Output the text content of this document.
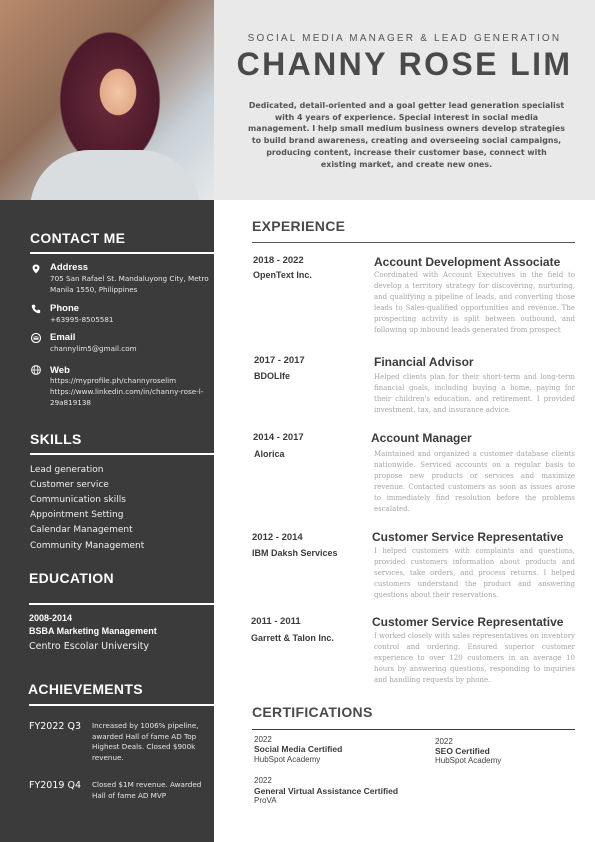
CONTACT ME
Address
705 San Rafael St. Mandaluyong City, Metro Manila 1550, Philippines
Phone
+63995-8505581
Email
channylim5@gmail.com
Web
https://myprofile.ph/channyroselim
https://www.linkedin.com/in/channy-rose-l-29a819138
SKILLS
Lead generation
Customer service
Communication skills
Appointment Setting
Calendar Management
Community Management
EDUCATION
2008-2014
BSBA Marketing Management
Centro Escolar University
ACHIEVEMENTS
FY2022 Q3 Increased by 1006% pipeline, awarded Hall of fame AD Top Highest Deals. Closed $900k revenue.
FY2019 Q4 Closed $1M revenue. Awarded Hall of fame AD MVP
SOCIAL MEDIA MANAGER & LEAD GENERATION
CHANNY ROSE LIM
Dedicated, detail-oriented and a goal getter lead generation specialist with 4 years of experience. Special interest in social media management. I help small medium business owners develop strategies to build brand awareness, creating and overseeing social campaigns, producing content, increase their customer base, connect with existing market, and create new ones.
EXPERIENCE
2018 - 2022
OpenText Inc.
Account Development Associate
Coordinated with Account Executives in the field to develop a territory strategy for discovering, nurturing, and qualifying a pipeline of leads, and converting those leads to Sales-qualified opportunities and revenue. The prospecting activity is split between outbound, and following up inbound leads generated from prospect
2017 - 2017
BDOLIfe
Financial Advisor
Helped clients plan for their short-term and long-term financial goals, including buying a home, paying for their children's education, and retirement. I provided investment, tax, and insurance advice.
2014 - 2017
Alorica
Account Manager
Maintained and organized a customer database clients nationwide. Serviced accounts on a regular basis to propose new products or services and maximize revenue. Contacted customers as soon as issues arose to immediately find resolution before the problems escalated.
2012 - 2014
IBM Daksh Services
Customer Service Representative
I helped customers with complaints and questions, provided customers information about products and services, take orders, and process returns. I helped customers understand the product and answering questions about their reservations.
2011 - 2011
Garrett & Talon Inc.
Customer Service Representative
I worked closely with sales representatives on inventory control and ordering. Ensured superior customer experience to over 120 customers in an average 10 hours by answering questions, responding to inquiries and handling requests by phone.
CERTIFICATIONS
2022
Social Media Certified
HubSpot Academy
2022
SEO Certified
HubSpot Academy
2022
General Virtual Assistance Certified
ProVA
